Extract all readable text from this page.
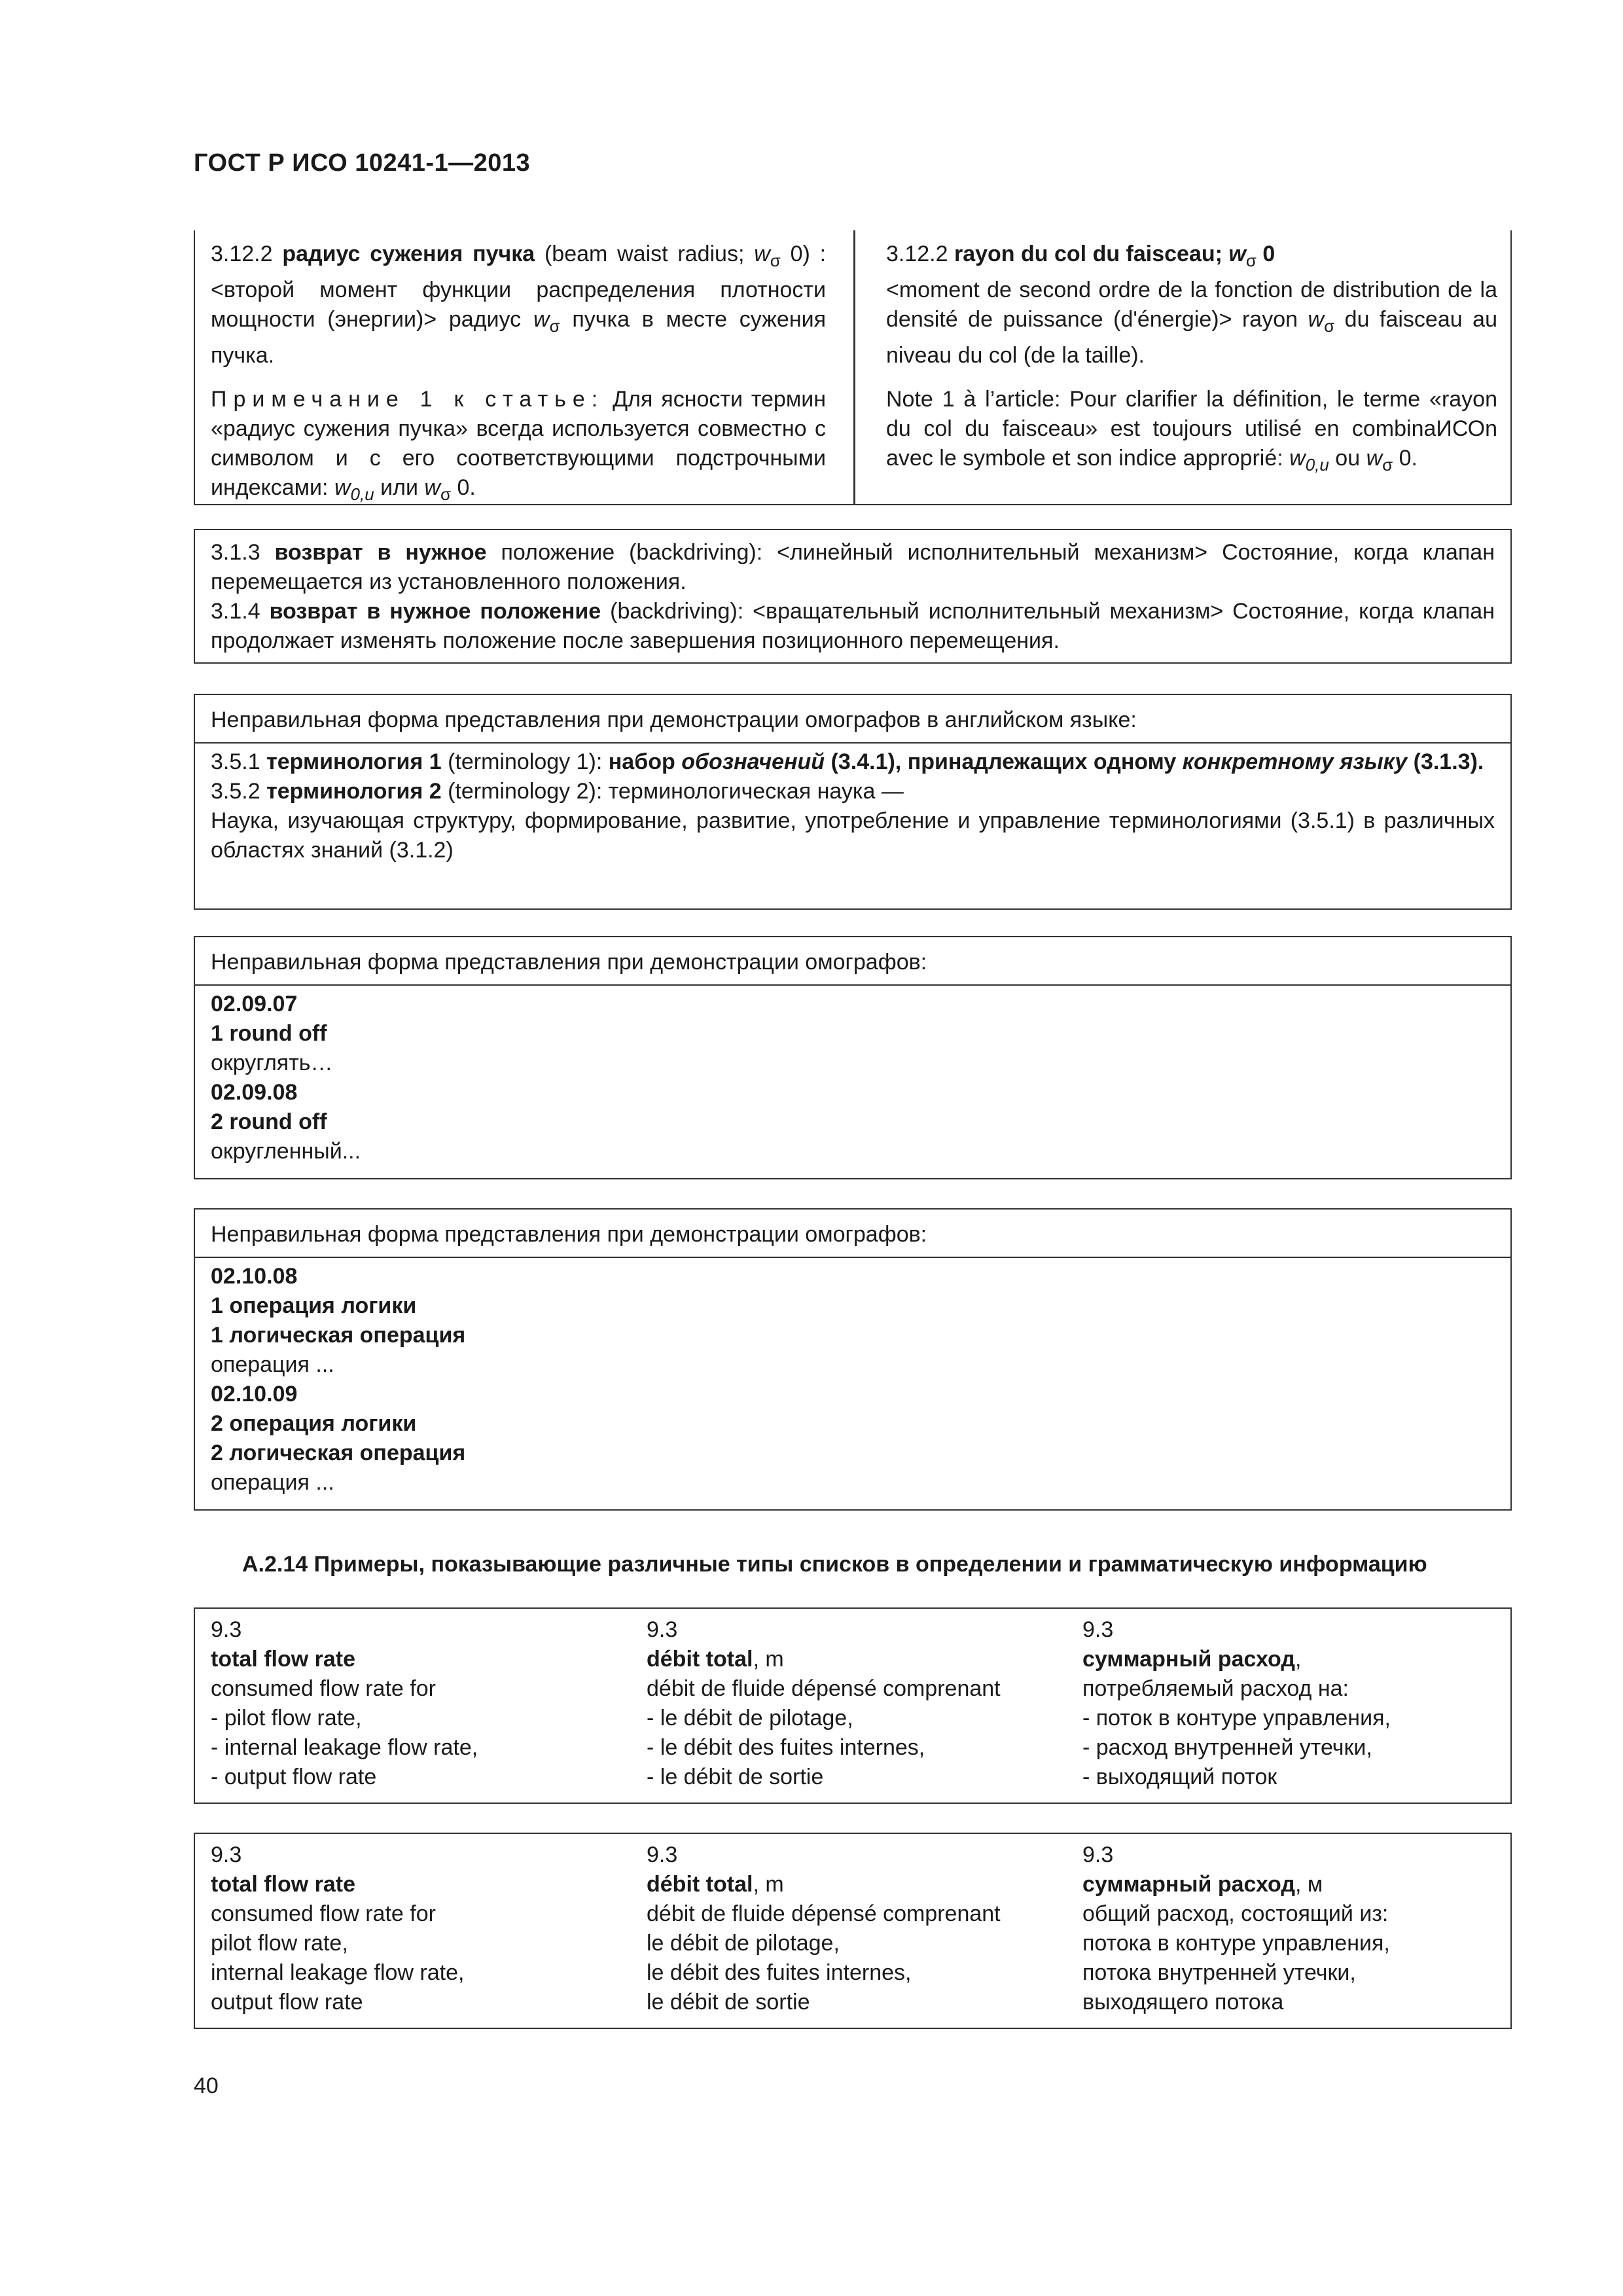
ГОСТ Р ИСО 10241-1—2013
3.12.2 радиус сужения пучка (beam waist radius; $w_\sigma$ 0) : <второй момент функции распределения плотности мощности (энергии)> радиус $w_\sigma$ пучка в месте сужения пучка.
Примечание 1 к статье: Для ясности термин «радиус сужения пучка» всегда используется совместно с символом и с его соответствующими подстрочными индексами: $w_{0,u}$ или $w_\sigma$ 0.
3.12.2 rayon du col du faisceau; $w_\sigma$ 0
<moment de second ordre de la fonction de distribution de la densité de puissance (d'énergie)> rayon $w_\sigma$ du faisceau au niveau du col (de la taille).
Note 1 à l’article: Pour clarifier la définition, le terme «rayon du col du faisceau» est toujours utilisé en combinaИСОn avec le symbole et son indice approprié: $w_{0,u}$ ou $w_\sigma$ 0.
3.1.3 возврат в нужное положение (backdriving): <линейный исполнительный механизм> Состояние, когда клапан перемещается из установленного положения.
3.1.4 возврат в нужное положение (backdriving): <вращательный исполнительный механизм> Состояние, когда клапан продолжает изменять положение после завершения позиционного перемещения.
Неправильная форма представления при демонстрации омографов в английском языке:
3.5.1 терминология 1 (terminology 1): набор обозначений (3.4.1), принадлежащих одному конкретному языку (3.1.3).
3.5.2 терминология 2 (terminology 2): терминологическая наука —
Наука, изучающая структуру, формирование, развитие, употребление и управление терминологиями (3.5.1) в различных областях знаний (3.1.2)
Неправильная форма представления при демонстрации омографов:
02.09.07
1 round off
округлять…
02.09.08
2 round off
округленный...
Неправильная форма представления при демонстрации омографов:
02.10.08
1 операция логики
1 логическая операция
операция ...
02.10.09
2 операция логики
2 логическая операция
операция ...
А.2.14 Примеры, показывающие различные типы списков в определении и грамматическую информацию
9.3
total flow rate
consumed flow rate for
- pilot flow rate,
- internal leakage flow rate,
- output flow rate
9.3
débit total, m
débit de fluide dépensé comprenant
- le débit de pilotage,
- le débit des fuites internes,
- le débit de sortie
9.3
суммарный расход,
потребляемый расход на:
- поток в контуре управления,
- расход внутренней утечки,
- выходящий поток
9.3
total flow rate
consumed flow rate for
pilot flow rate,
internal leakage flow rate,
output flow rate
9.3
débit total, m
débit de fluide dépensé comprenant
le débit de pilotage,
le débit des fuites internes,
le débit de sortie
9.3
суммарный расход, м
общий расход, состоящий из:
потока в контуре управления,
потока внутренней утечки,
выходящего потока
40
